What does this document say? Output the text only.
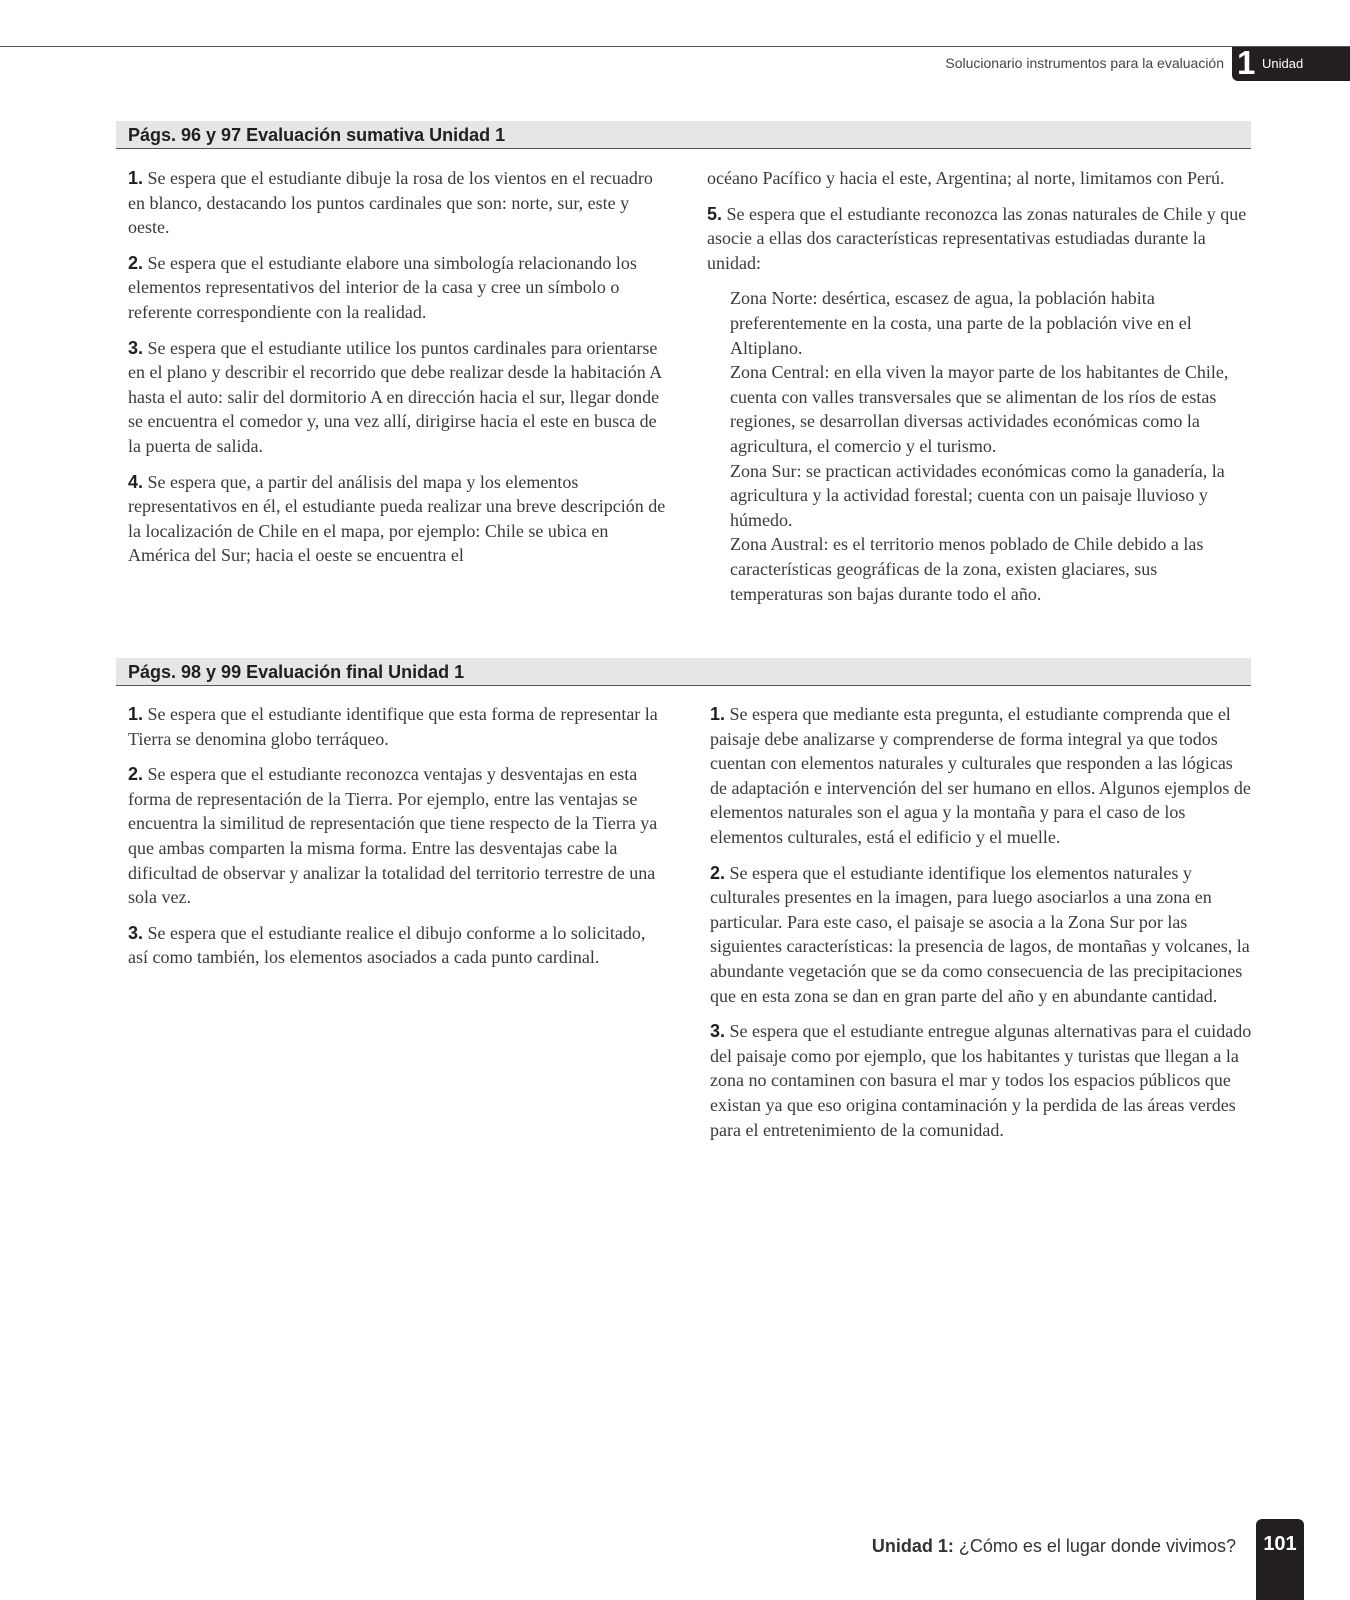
Solucionario instrumentos para la evaluación 1 Unidad
Págs. 96 y 97 Evaluación sumativa Unidad 1

1. Se espera que el estudiante dibuje la rosa de los vientos en el recuadro en blanco, destacando los puntos cardinales que son: norte, sur, este y oeste.

2. Se espera que el estudiante elabore una simbología relacionando los elementos representativos del interior de la casa y cree un símbolo o referente correspondiente con la realidad.

3. Se espera que el estudiante utilice los puntos cardinales para orientarse en el plano y describir el recorrido que debe realizar desde la habitación A hasta el auto: salir del dormitorio A en dirección hacia el sur, llegar donde se encuentra el comedor y, una vez allí, dirigirse hacia el este en busca de la puerta de salida.

4. Se espera que, a partir del análisis del mapa y los elementos representativos en él, el estudiante pueda realizar una breve descripción de la localización de Chile en el mapa, por ejemplo: Chile se ubica en América del Sur; hacia el oeste se encuentra el

océano Pacífico y hacia el este, Argentina; al norte, limitamos con Perú.

5. Se espera que el estudiante reconozca las zonas naturales de Chile y que asocie a ellas dos características representativas estudiadas durante la unidad:

Zona Norte: desértica, escasez de agua, la población habita preferentemente en la costa, una parte de la población vive en el Altiplano.
Zona Central: en ella viven la mayor parte de los habitantes de Chile, cuenta con valles transversales que se alimentan de los ríos de estas regiones, se desarrollan diversas actividades económicas como la agricultura, el comercio y el turismo.
Zona Sur: se practican actividades económicas como la ganadería, la agricultura y la actividad forestal; cuenta con un paisaje lluvioso y húmedo.
Zona Austral: es el territorio menos poblado de Chile debido a las características geográficas de la zona, existen glaciares, sus temperaturas son bajas durante todo el año.
Págs. 98 y 99 Evaluación final Unidad 1

1. Se espera que el estudiante identifique que esta forma de representar la Tierra se denomina globo terráqueo.

2. Se espera que el estudiante reconozca ventajas y desventajas en esta forma de representación de la Tierra. Por ejemplo, entre las ventajas se encuentra la similitud de representación que tiene respecto de la Tierra ya que ambas comparten la misma forma. Entre las desventajas cabe la dificultad de observar y analizar la totalidad del territorio terrestre de una sola vez.

3. Se espera que el estudiante realice el dibujo conforme a lo solicitado, así como también, los elementos asociados a cada punto cardinal.

1. Se espera que mediante esta pregunta, el estudiante comprenda que el paisaje debe analizarse y comprenderse de forma integral ya que todos cuentan con elementos naturales y culturales que responden a las lógicas de adaptación e intervención del ser humano en ellos. Algunos ejemplos de elementos naturales son el agua y la montaña y para el caso de los elementos culturales, está el edificio y el muelle.

2. Se espera que el estudiante identifique los elementos naturales y culturales presentes en la imagen, para luego asociarlos a una zona en particular. Para este caso, el paisaje se asocia a la Zona Sur por las siguientes características: la presencia de lagos, de montañas y volcanes, la abundante vegetación que se da como consecuencia de las precipitaciones que en esta zona se dan en gran parte del año y en abundante cantidad.

3. Se espera que el estudiante entregue algunas alternativas para el cuidado del paisaje como por ejemplo, que los habitantes y turistas que llegan a la zona no contaminen con basura el mar y todos los espacios públicos que existan ya que eso origina contaminación y la perdida de las áreas verdes para el entretenimiento de la comunidad.

Unidad 1: ¿Cómo es el lugar donde vivimos?	101
